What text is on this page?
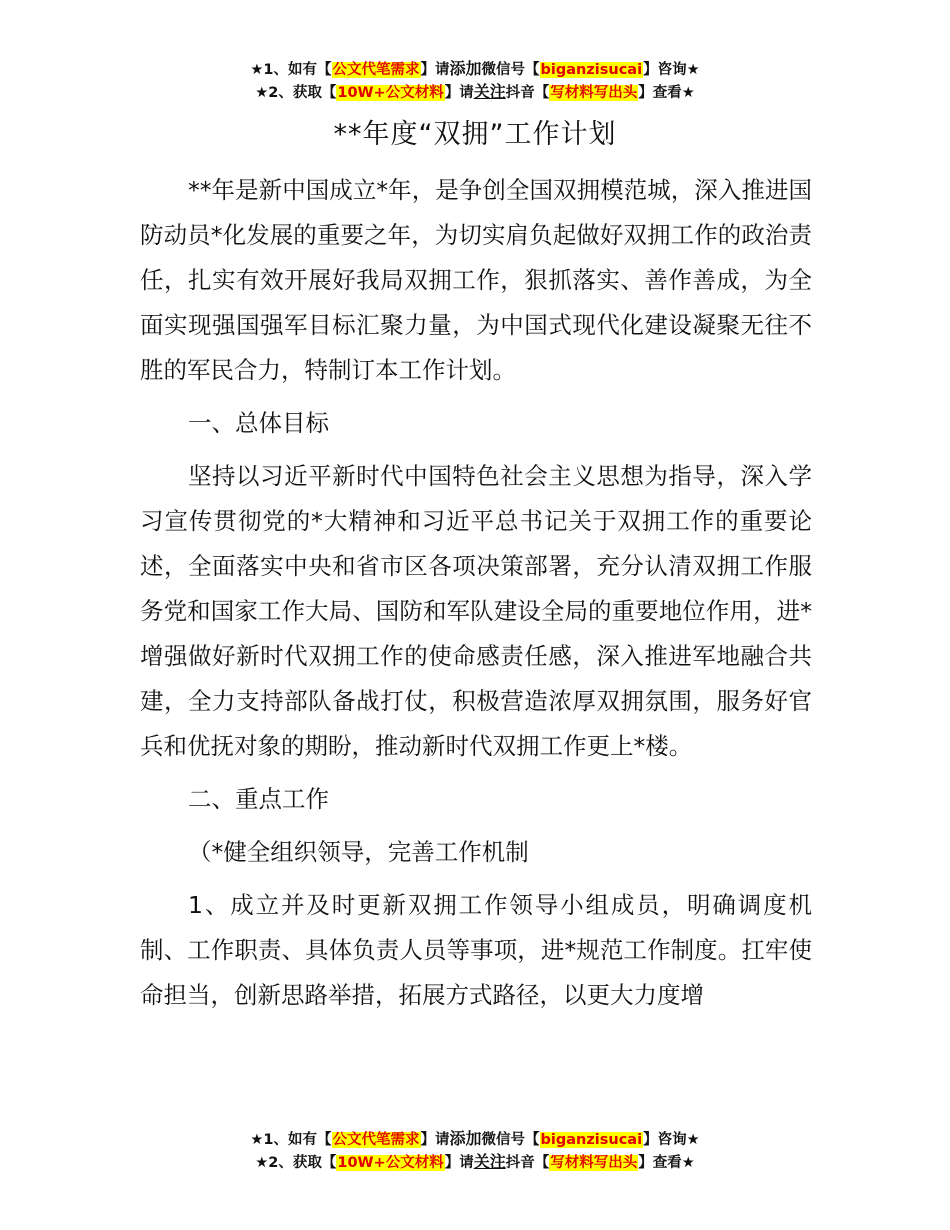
★1、如有【公文代笔需求】请添加微信号【biganzisucai】咨询★
★2、获取【10W+公文材料】请关注抖音【写材料写出头】查看★
**年度“双拥”工作计划

**年是新中国成立*年，是争创全国双拥模范城，深入推进国防动员*化发展的重要之年，为切实肩负起做好双拥工作的政治责任，扎实有效开展好我局双拥工作，狠抓落实、善作善成，为全面实现强国强军目标汇聚力量，为中国式现代化建设凝聚无往不胜的军民合力，特制订本工作计划。

一、总体目标

坚持以习近平新时代中国特色社会主义思想为指导，深入学习宣传贯彻党的*大精神和习近平总书记关于双拥工作的重要论述，全面落实中央和省市区各项决策部署，充分认清双拥工作服务党和国家工作大局、国防和军队建设全局的重要地位作用，进*增强做好新时代双拥工作的使命感责任感，深入推进军地融合共建，全力支持部队备战打仗，积极营造浓厚双拥氛围，服务好官兵和优抚对象的期盼，推动新时代双拥工作更上*楼。

二、重点工作

（*健全组织领导，完善工作机制

1、成立并及时更新双拥工作领导小组成员，明确调度机制、工作职责、具体负责人员等事项，进*规范工作制度。扛牢使命担当，创新思路举措，拓展方式路径，以更大力度增

★1、如有【公文代笔需求】请添加微信号【biganzisucai】咨询★
★2、获取【10W+公文材料】请关注抖音【写材料写出头】查看★
